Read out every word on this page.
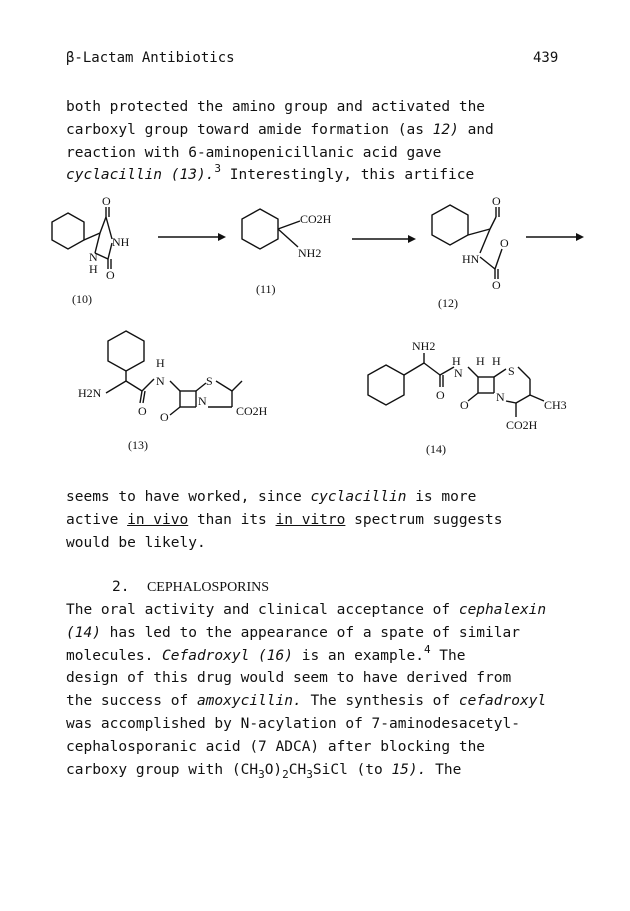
β-Lactam Antibiotics	439
both protected the amino group and activated the
carboxyl group toward amide formation (as 12) and
reaction with 6-aminopenicillanic acid gave
cyclacillin (13).$^3$ Interestingly, this artifice
O
NH
N
H O
(10)
CO2H
NH2
(11)
O
O
HN
O
(12)
H2N
H
N
O O
S
N
CO2H
(13)
NH2
H H H
N
O
O
S
N
CH3
CO2H
(14)
seems to have worked, since cyclacillin is more
active in vivo than its in vitro spectrum suggests
would be likely.
2. CEPHALOSPORINS
The oral activity and clinical acceptance of cephalexin
(14) has led to the appearance of a spate of similar
molecules. Cefadroxyl (16) is an example.$^4$ The
design of this drug would seem to have derived from
the success of amoxycillin. The synthesis of cefadroxyl
was accomplished by N-acylation of 7-aminodesacetyl-
cephalosporanic acid (7 ADCA) after blocking the
carboxy group with $(CH_3O)_2CH_3SiCl$ (to 15). The
